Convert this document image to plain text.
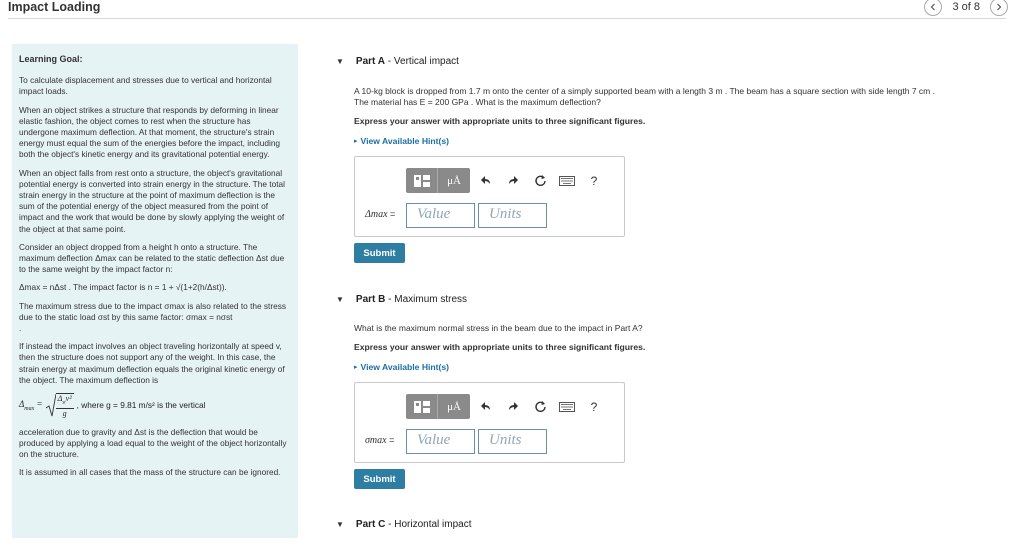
Impact Loading	3 of 8

Learning Goal:

To calculate displacement and stresses due to vertical and horizontal impact loads.

When an object strikes a structure that responds by deforming in linear elastic fashion, the object comes to rest when the structure has undergone maximum deflection. At that moment, the structure's strain energy must equal the sum of the energies before the impact, including both the object's kinetic energy and its gravitational potential energy.

When an object falls from rest onto a structure, the object's gravitational potential energy is converted into strain energy in the structure. The total strain energy in the structure at the point of maximum deflection is the sum of the potential energy of the object measured from the point of impact and the work that would be done by slowly applying the weight of the object at that same point.

Consider an object dropped from a height h onto a structure. The maximum deflection Δmax can be related to the static deflection Δst due to the same weight by the impact factor n:

Δmax = nΔst . The impact factor is n = 1 + √(1+2(h/Δst)).

The maximum stress due to the impact σmax is also related to the stress due to the static load σst by this same factor: σmax = nσst
.

If instead the impact involves an object traveling horizontally at speed v, then the structure does not support any of the weight. In this case, the strain energy at maximum deflection equals the original kinetic energy of the object. The maximum deflection is

$\Delta_{max} = \frac{\Delta_{st}v^2}{g}$ , where g = 9.81 m/s² is the vertical

acceleration due to gravity and Δst is the deflection that would be produced by applying a load equal to the weight of the object horizontally on the structure.

It is assumed in all cases that the mass of the structure can be ignored.

▼ Part A - Vertical impact
A 10-kg block is dropped from 1.7 m onto the center of a simply supported beam with a length 3 m . The beam has a square section with side length 7 cm .
The material has E = 200 GPa . What is the maximum deflection?
Express your answer with appropriate units to three significant figures.
▸ View Available Hint(s)
μÅ	?
Δmax =	Value	Units
Submit
▼ Part B - Maximum stress
What is the maximum normal stress in the beam due to the impact in Part A?
Express your answer with appropriate units to three significant figures.
▸ View Available Hint(s)
μÅ	?
σmax =	Value	Units
Submit
▼ Part C - Horizontal impact
